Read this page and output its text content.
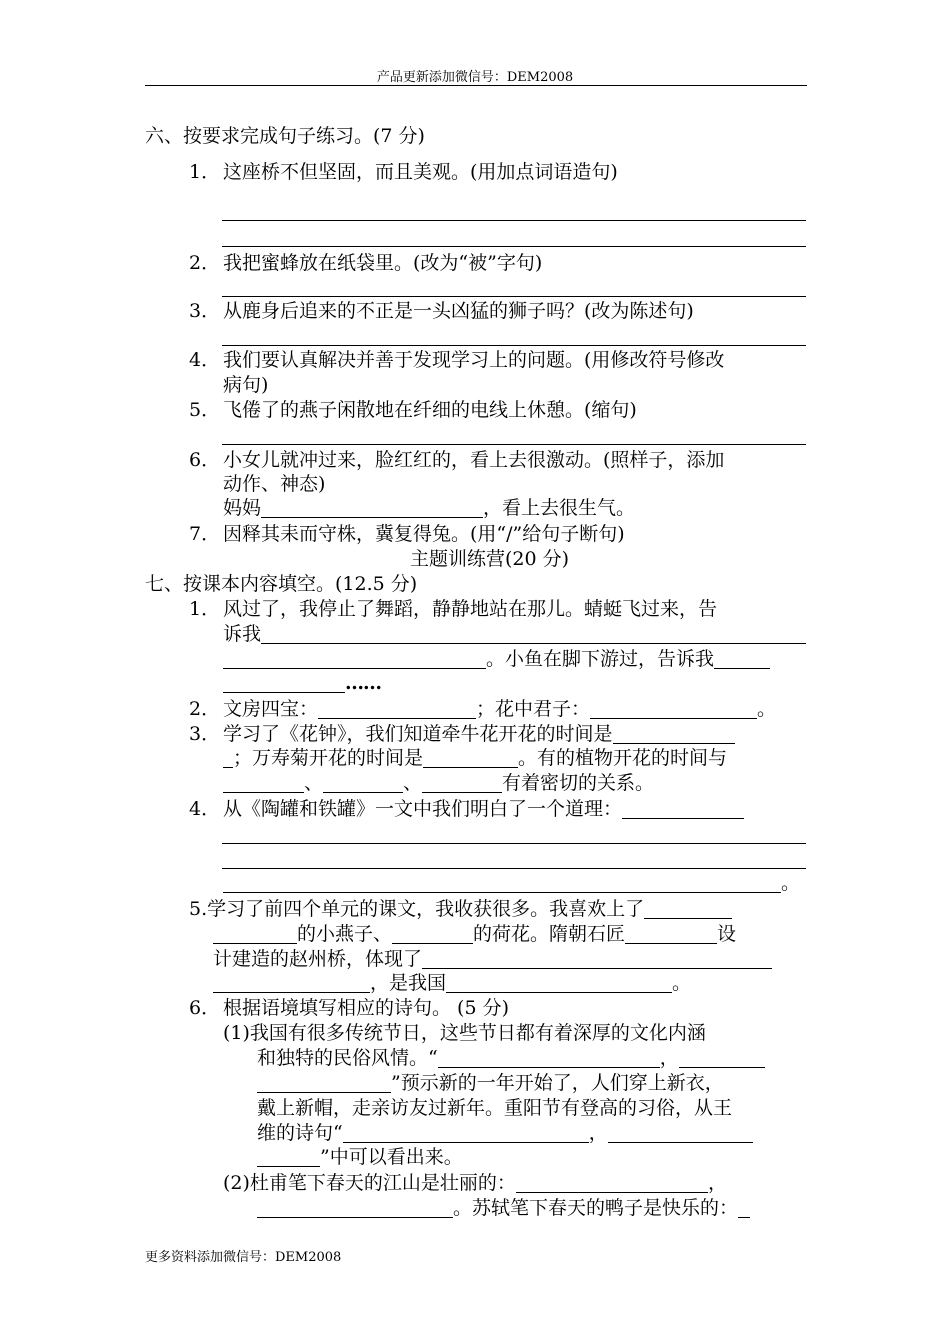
产品更新添加微信号：DEM2008
六、按要求完成句子练习。(7 分)
1． 这座桥不但坚固，而且美观。(用加点词语造句)
2． 我把蜜蜂放在纸袋里。(改为“被”字句)
3． 从鹿身后追来的不正是一头凶猛的狮子吗？(改为陈述句)
4． 我们要认真解决并善于发现学习上的问题。(用修改符号修改
病句)
5． 飞倦了的燕子闲散地在纤细的电线上休憩。(缩句)
6． 小女儿就冲过来，脸红红的，看上去很激动。(照样子，添加
动作、神态)
妈妈	，看上去很生气。
7． 因释其耒而守株，冀复得兔。(用“/”给句子断句)
主题训练营(20 分)
七、按课本内容填空。(12.5 分)
1． 风过了，我停止了舞蹈，静静地站在那儿。蜻蜓飞过来，告
诉我
。小鱼在脚下游过，告诉我
……
2． 文房四宝：	；花中君子：	。
3． 学习了《花钟》，我们知道牵牛花开花的时间是
；万寿菊开花的时间是	。有的植物开花的时间与
、	、	有着密切的关系。
4． 从《陶罐和铁罐》一文中我们明白了一个道理：
。
5.学习了前四个单元的课文，我收获很多。我喜欢上了
的小燕子、	的荷花。隋朝石匠	设
计建造的赵州桥，体现了
，是我国	。
6． 根据语境填写相应的诗句。 (5 分)
(1)我国有很多传统节日，这些节日都有着深厚的文化内涵
和独特的民俗风情。“	，
”预示新的一年开始了，人们穿上新衣，
戴上新帽，走亲访友过新年。重阳节有登高的习俗，从王
维的诗句“	，
”中可以看出来。
(2)杜甫笔下春天的江山是壮丽的：	，
。苏轼笔下春天的鸭子是快乐的：
更多资料添加微信号：DEM2008
